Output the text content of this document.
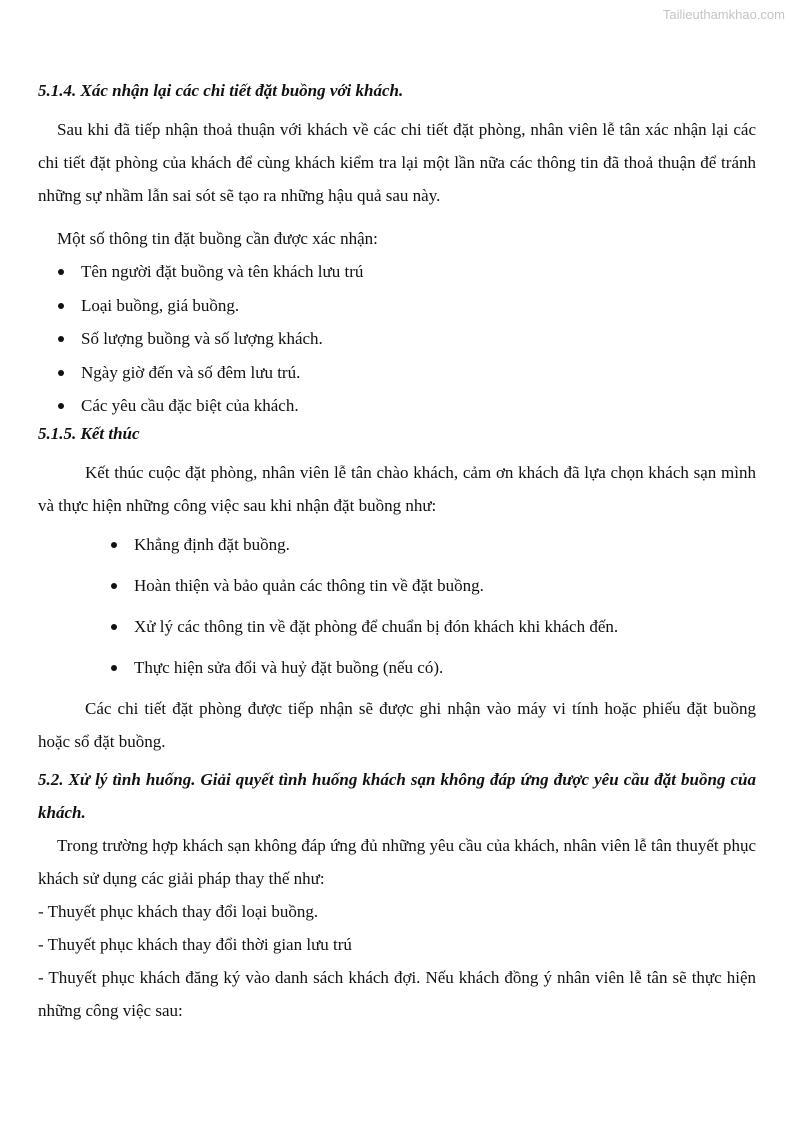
Tailieuthamkhao.com

5.1.4. Xác nhận lại các chi tiết đặt buồng với khách.

Sau khi đã tiếp nhận thoả thuận với khách về các chi tiết đặt phòng, nhân viên lễ tân xác nhận lại các chi tiết đặt phòng của khách để cùng khách kiểm tra lại một lần nữa các thông tin đã thoả thuận để tránh những sự nhầm lẫn sai sót sẽ tạo ra những hậu quả sau này.

Một số thông tin đặt buồng cần được xác nhận:

Tên người đặt buồng và tên khách lưu trú
Loại buồng, giá buồng.
Số lượng buồng và số lượng khách.
Ngày giờ đến và số đêm lưu trú.
Các yêu cầu đặc biệt của khách.

5.1.5. Kết thúc

Kết thúc cuộc đặt phòng, nhân viên lễ tân chào khách, cảm ơn khách đã lựa chọn khách sạn mình và thực hiện những công việc sau khi nhận đặt buồng như:

Khẳng định đặt buồng.
Hoàn thiện và bảo quản các thông tin về đặt buồng.
Xử lý các thông tin về đặt phòng để chuẩn bị đón khách khi khách đến.
Thực hiện sửa đổi và huỷ đặt buồng (nếu có).

Các chi tiết đặt phòng được tiếp nhận sẽ được ghi nhận vào máy vi tính hoặc phiếu đặt buồng hoặc sổ đặt buồng.

5.2. Xử lý tình huống. Giải quyết tình huống khách sạn không đáp ứng được yêu cầu đặt buồng của khách.

Trong trường hợp khách sạn không đáp ứng đủ những yêu cầu của khách, nhân viên lễ tân thuyết phục khách sử dụng các giải pháp thay thế như:

- Thuyết phục khách thay đổi loại buồng.

- Thuyết phục khách thay đổi thời gian lưu trú

- Thuyết phục khách đăng ký vào danh sách khách đợi. Nếu khách đồng ý nhân viên lễ tân sẽ thực hiện những công việc sau:
